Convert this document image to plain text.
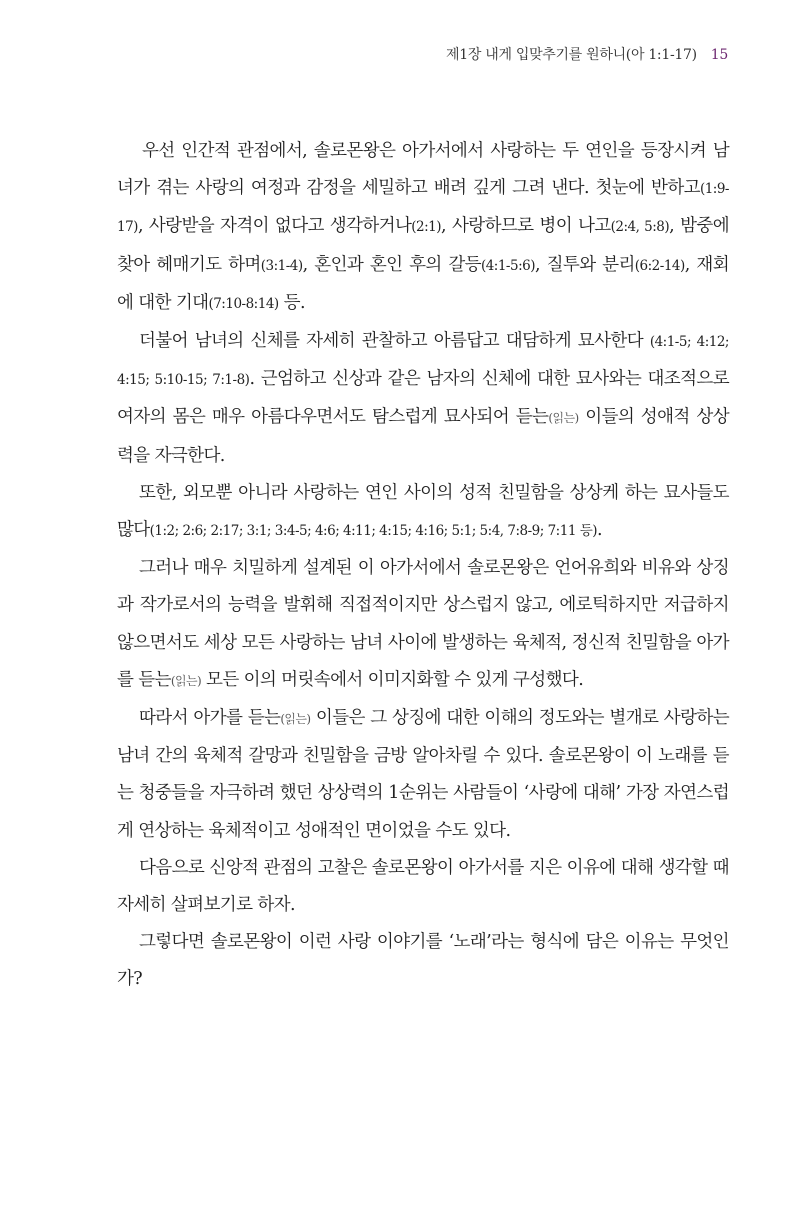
제1장 내게 입맞추기를 원하니(아 1:1-17) 15

우선 인간적 관점에서, 솔로몬왕은 아가서에서 사랑하는 두 연인을 등장시켜 남녀가 겪는 사랑의 여정과 감정을 세밀하고 배려 깊게 그려 낸다. 첫눈에 반하고(1:9-17), 사랑받을 자격이 없다고 생각하거나(2:1), 사랑하므로 병이 나고(2:4, 5:8), 밤중에 찾아 헤매기도 하며(3:1-4), 혼인과 혼인 후의 갈등(4:1-5:6), 질투와 분리(6:2-14), 재회에 대한 기대(7:10-8:14) 등.

더불어 남녀의 신체를 자세히 관찰하고 아름답고 대담하게 묘사한다 (4:1-5; 4:12; 4:15; 5:10-15; 7:1-8). 근엄하고 신상과 같은 남자의 신체에 대한 묘사와는 대조적으로 여자의 몸은 매우 아름다우면서도 탐스럽게 묘사되어 듣는(읽는) 이들의 성애적 상상력을 자극한다.

또한, 외모뿐 아니라 사랑하는 연인 사이의 성적 친밀함을 상상케 하는 묘사들도 많다(1:2; 2:6; 2:17; 3:1; 3:4-5; 4:6; 4:11; 4:15; 4:16; 5:1; 5:4, 7:8-9; 7:11 등).

그러나 매우 치밀하게 설계된 이 아가서에서 솔로몬왕은 언어유희와 비유와 상징과 작가로서의 능력을 발휘해 직접적이지만 상스럽지 않고, 에로틱하지만 저급하지 않으면서도 세상 모든 사랑하는 남녀 사이에 발생하는 육체적, 정신적 친밀함을 아가를 듣는(읽는) 모든 이의 머릿속에서 이미지화할 수 있게 구성했다.

따라서 아가를 듣는(읽는) 이들은 그 상징에 대한 이해의 정도와는 별개로 사랑하는 남녀 간의 육체적 갈망과 친밀함을 금방 알아차릴 수 있다. 솔로몬왕이 이 노래를 듣는 청중들을 자극하려 했던 상상력의 1순위는 사람들이 ‘사랑에 대해’ 가장 자연스럽게 연상하는 육체적이고 성애적인 면이었을 수도 있다.

다음으로 신앙적 관점의 고찰은 솔로몬왕이 아가서를 지은 이유에 대해 생각할 때 자세히 살펴보기로 하자.

그렇다면 솔로몬왕이 이런 사랑 이야기를 ‘노래’라는 형식에 담은 이유는 무엇인가?
